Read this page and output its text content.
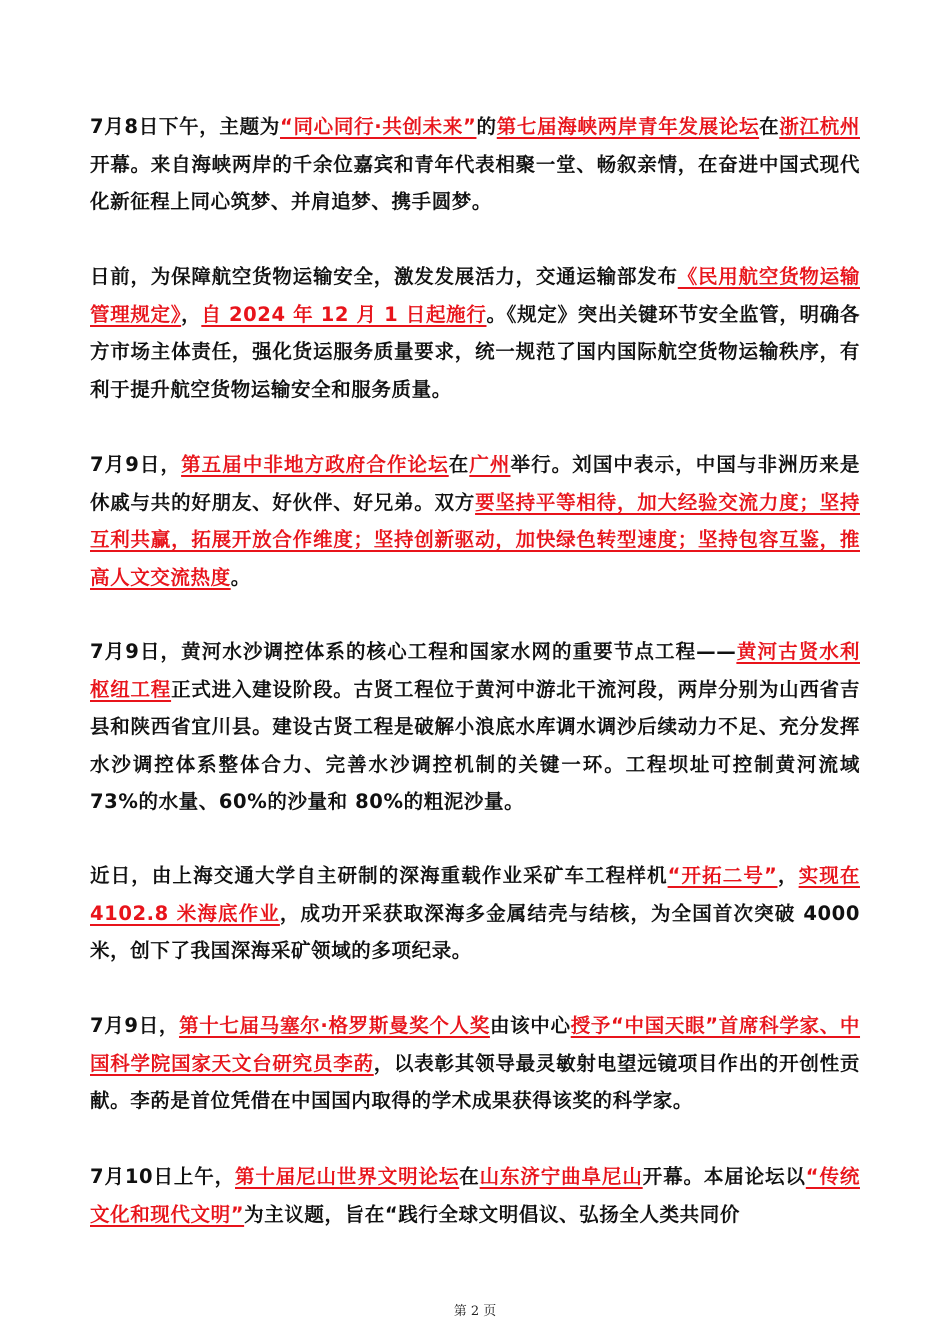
7月8日下午，主题为“同心同行·共创未来”的第七届海峡两岸青年发展论坛在浙江杭州开幕。来自海峡两岸的千余位嘉宾和青年代表相聚一堂、畅叙亲情，在奋进中国式现代化新征程上同心筑梦、并肩追梦、携手圆梦。

日前，为保障航空货物运输安全，激发发展活力，交通运输部发布《民用航空货物运输管理规定》，自 2024 年 12 月 1 日起施行。《规定》突出关键环节安全监管，明确各方市场主体责任，强化货运服务质量要求，统一规范了国内国际航空货物运输秩序，有利于提升航空货物运输安全和服务质量。

7月9日，第五届中非地方政府合作论坛在广州举行。刘国中表示，中国与非洲历来是休戚与共的好朋友、好伙伴、好兄弟。双方要坚持平等相待，加大经验交流力度；坚持互利共赢，拓展开放合作维度；坚持创新驱动，加快绿色转型速度；坚持包容互鉴，推高人文交流热度。

7月9日，黄河水沙调控体系的核心工程和国家水网的重要节点工程——黄河古贤水利枢纽工程正式进入建设阶段。古贤工程位于黄河中游北干流河段，两岸分别为山西省吉县和陕西省宜川县。建设古贤工程是破解小浪底水库调水调沙后续动力不足、充分发挥水沙调控体系整体合力、完善水沙调控机制的关键一环。工程坝址可控制黄河流域 73%的水量、60%的沙量和 80%的粗泥沙量。

近日，由上海交通大学自主研制的深海重载作业采矿车工程样机“开拓二号”，实现在 4102.8 米海底作业，成功开采获取深海多金属结壳与结核，为全国首次突破 4000 米，创下了我国深海采矿领域的多项纪录。

7月9日，第十七届马塞尔·格罗斯曼奖个人奖由该中心授予“中国天眼”首席科学家、中国科学院国家天文台研究员李菂，以表彰其领导最灵敏射电望远镜项目作出的开创性贡献。李菂是首位凭借在中国国内取得的学术成果获得该奖的科学家。

7月10日上午，第十届尼山世界文明论坛在山东济宁曲阜尼山开幕。本届论坛以“传统文化和现代文明”为主议题，旨在“践行全球文明倡议、弘扬全人类共同价

第 2 页
